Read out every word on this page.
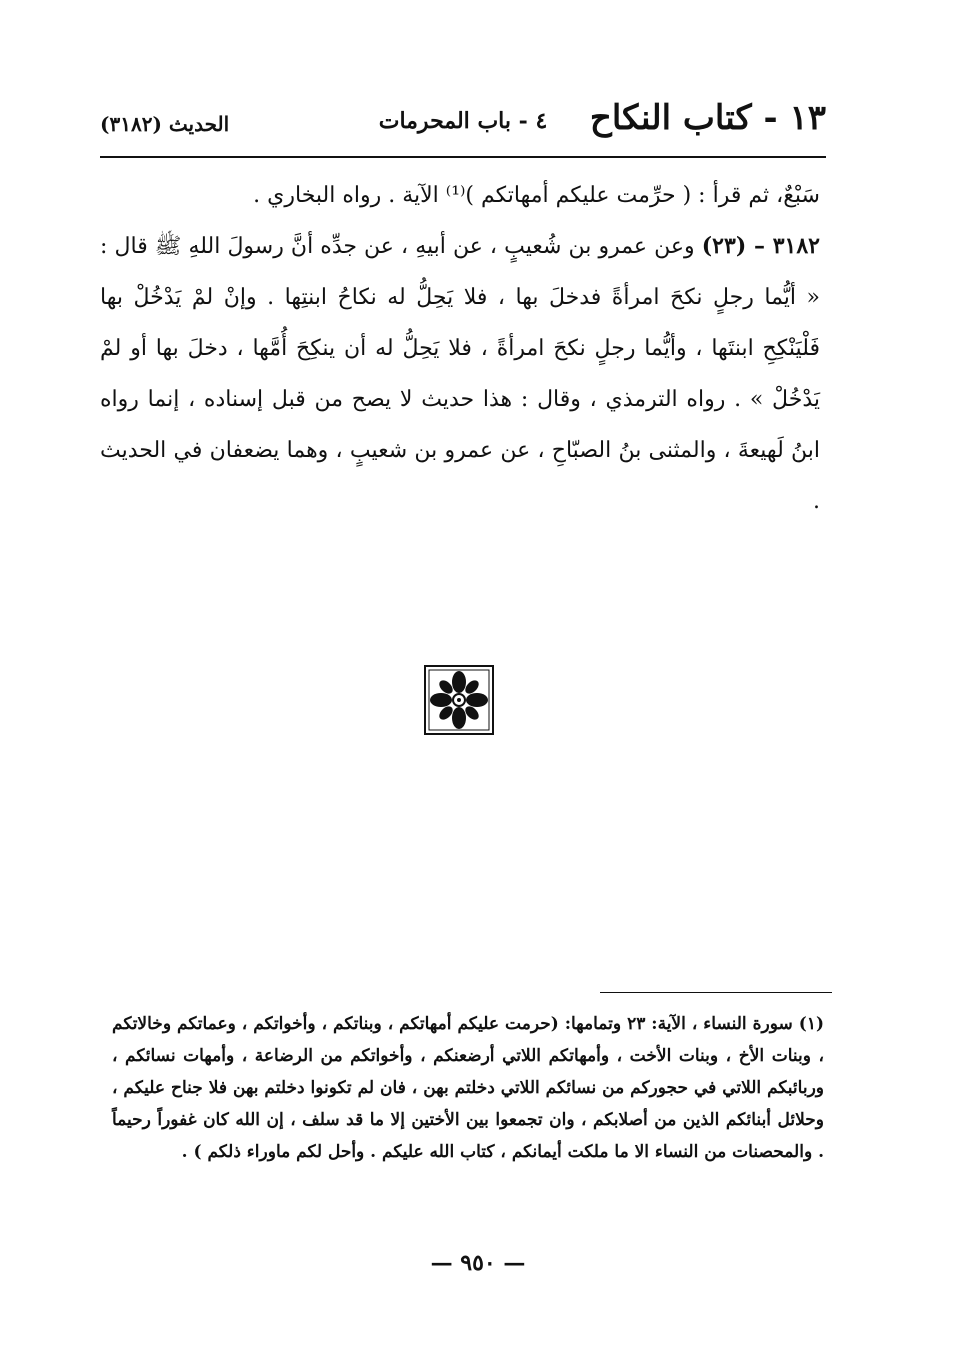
١٣ - كتاب النكاح
٤ - باب المحرمات
الحديث (٣١٨٢)

سَبْعٌ، ثم قرأ : ( حرِّمت عليكم أمهاتكم )⁽¹⁾ الآية . رواه البخاري .

٣١٨٢ – (٢٣) وعن عمرو بن شُعيبٍ ، عن أبيهِ ، عن جدِّه أنَّ رسولَ اللهِ ﷺ قال : « أيُّما رجلٍ نكحَ امرأةً فدخلَ بها ، فلا يَحِلُّ له نكاحُ ابنتِها . وإنْ لمْ يَدْخُلْ بها فَلْيَنْكِحِ ابنتَها ، وأيُّما رجلٍ نكحَ امرأةً ، فلا يَحِلُّ له أن ينكِحَ أُمَّها ، دخلَ بها أو لمْ يَدْخُلْ » . رواه الترمذي ، وقال : هذا حديث لا يصح من قبل إسناده ، إنما رواه ابنُ لَهيعةَ ، والمثنى بنُ الصبّاحِ ، عن عمرو بن شعيبٍ ، وهما يضعفان في الحديث .

(١) سورة النساء ، الآية: ٢٣ وتمامها: (حرمت عليكم أمهاتكم ، وبناتكم ، وأخواتكم ، وعماتكم وخالاتكم ، وبنات الأخ ، وبنات الأخت ، وأمهاتكم اللاتي أرضعنكم ، وأخواتكم من الرضاعة ، وأمهات نسائكم ، وربائبكم اللاتي في حجوركم من نسائكم اللاتي دخلتم بهن ، فان لم تكونوا دخلتم بهن فلا جناح عليكم ، وحلائل أبنائكم الذين من أصلابكم ، وان تجمعوا بين الأختين إلا ما قد سلف ، إن الله كان غفوراً رحيماً . والمحصنات من النساء الا ما ملكت أيمانكم ، كتاب الله عليكم . وأحل لكم ماوراء ذلكم ) .

— ٩٥٠ —
